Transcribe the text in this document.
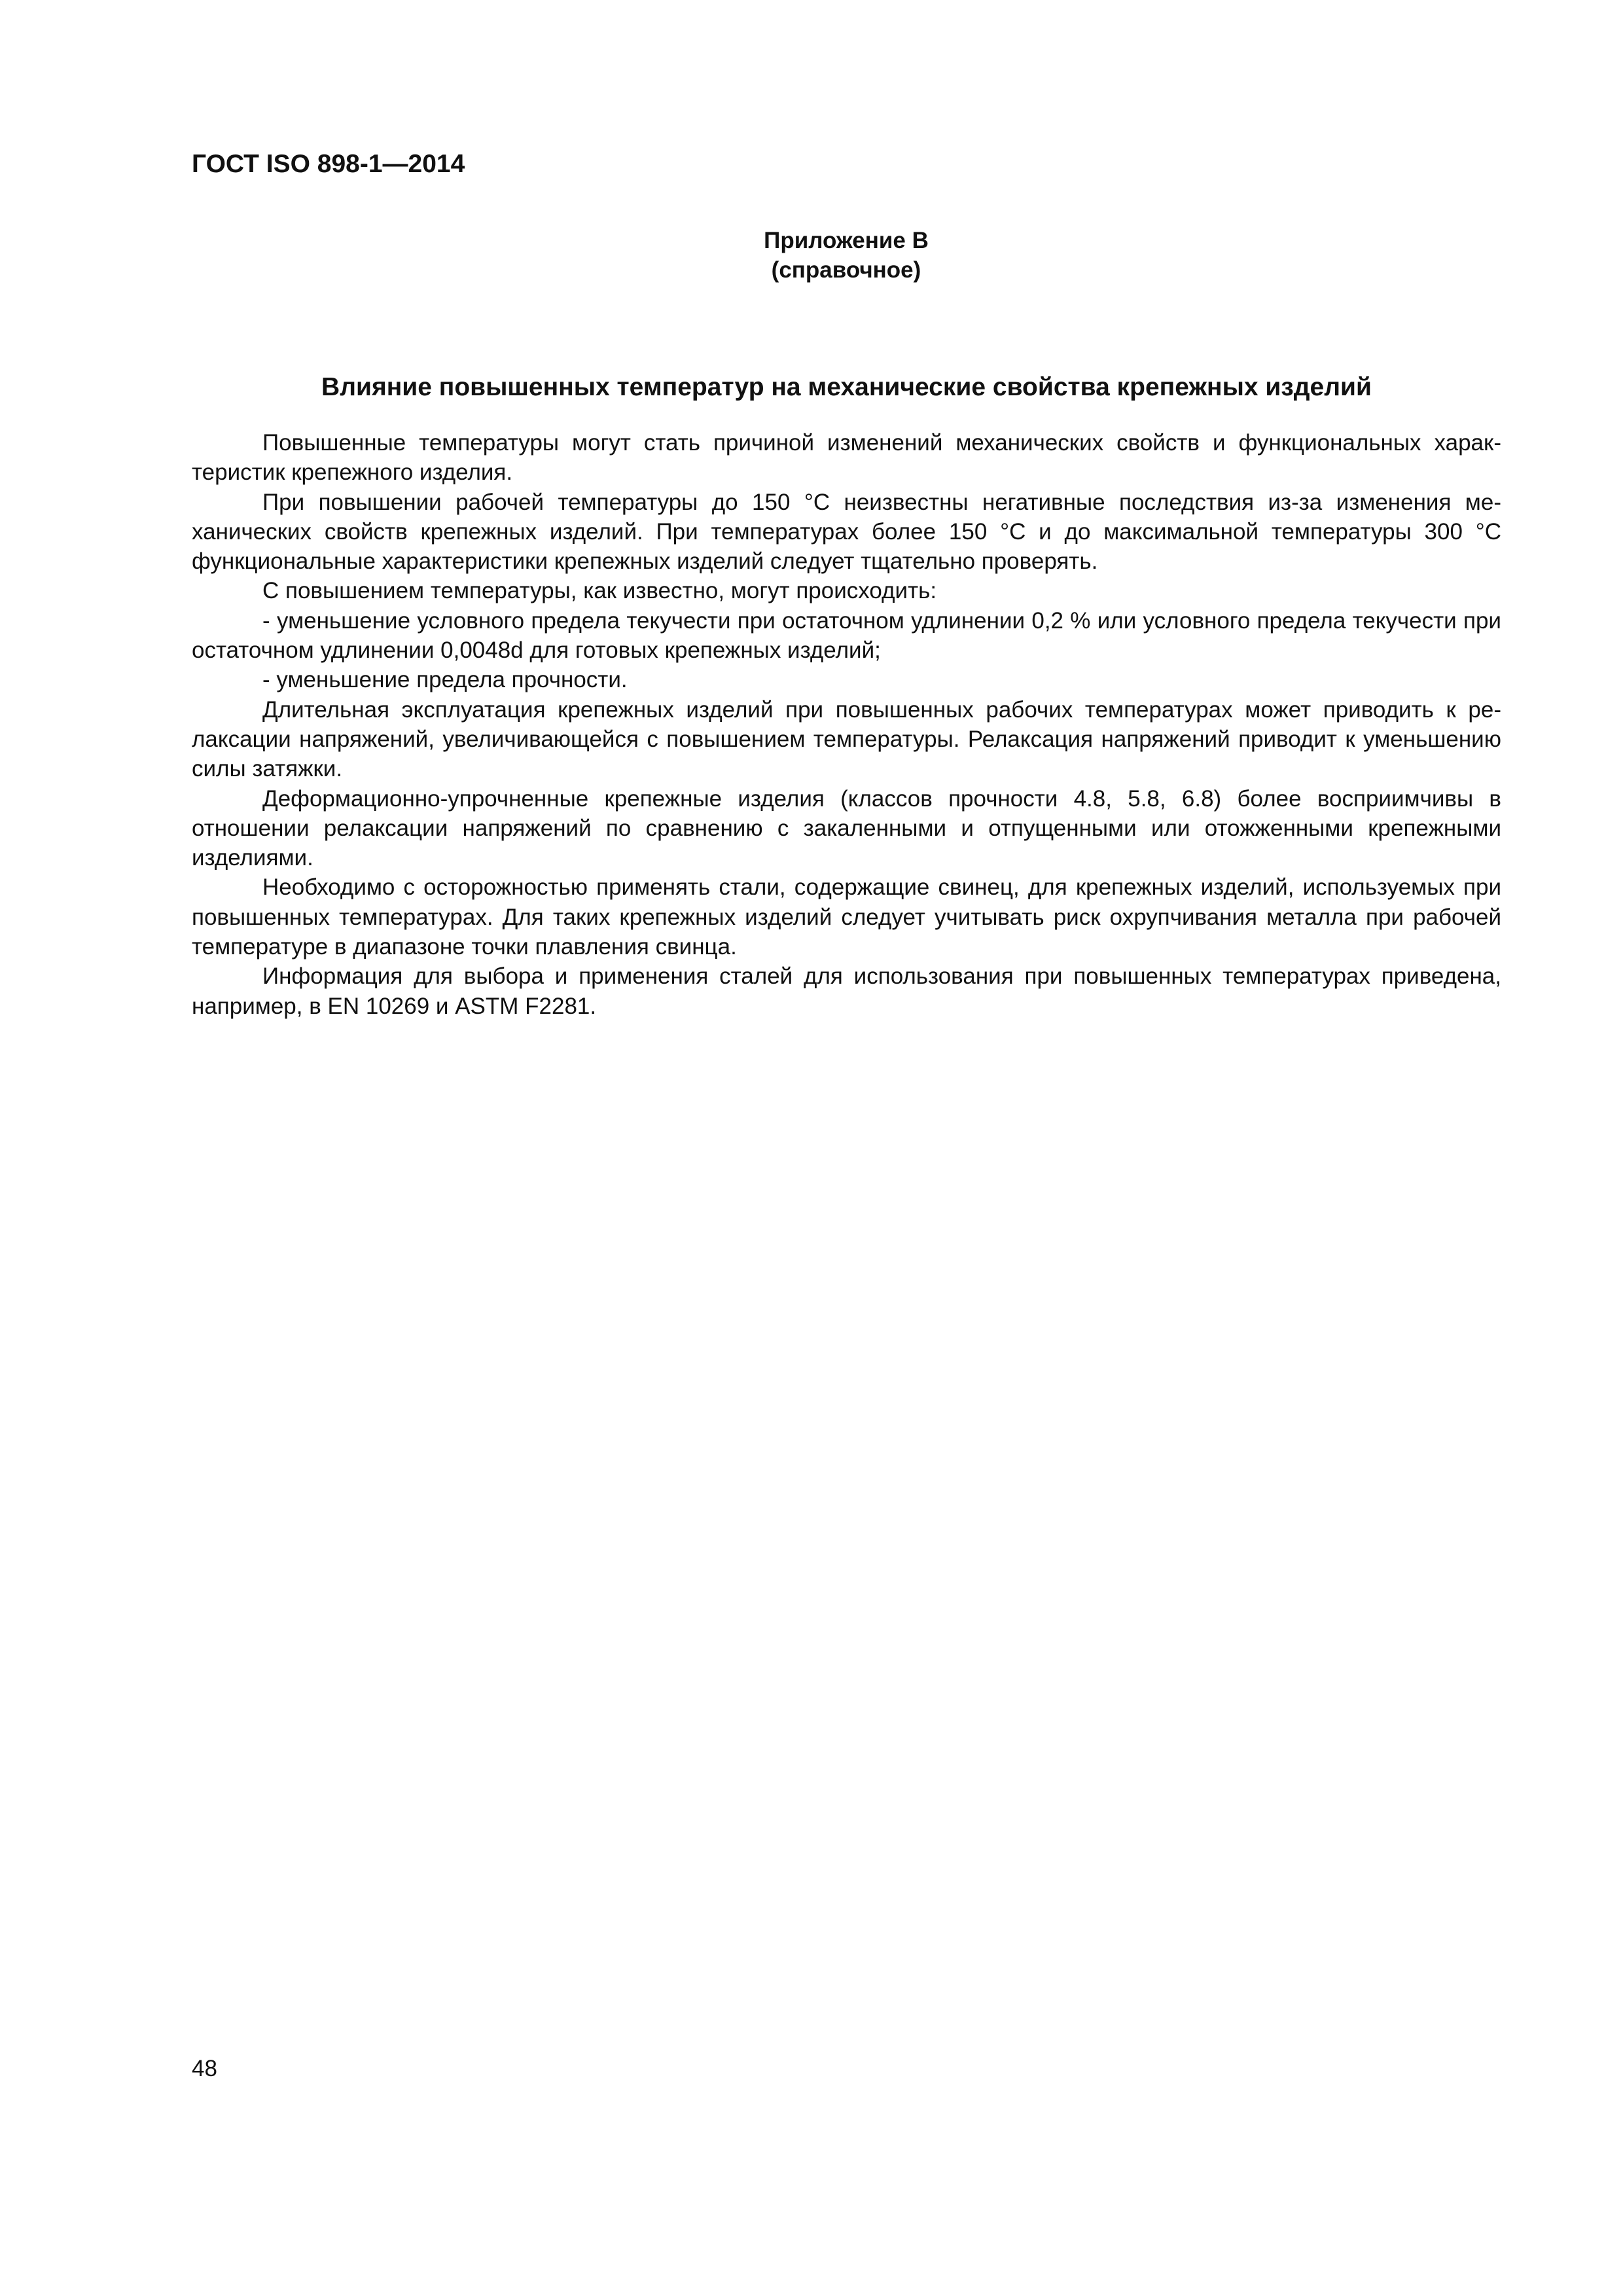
ГОСТ ISO 898-1—2014
Приложение В
(справочное)
Влияние повышенных температур на механические свойства крепежных изделий

Повышенные температуры могут стать причиной изменений механических свойств и функциональных характеристик крепежного изделия.

При повышении рабочей температуры до 150 °С неизвестны негативные последствия из-за изменения механических свойств крепежных изделий. При температурах более 150 °С и до максимальной температуры 300 °С функциональные характеристики крепежных изделий следует тщательно проверять.

С повышением температуры, как известно, могут происходить:

- уменьшение условного предела текучести при остаточном удлинении 0,2 % или условного предела текучести при остаточном удлинении 0,0048d для готовых крепежных изделий;

- уменьшение предела прочности.

Длительная эксплуатация крепежных изделий при повышенных рабочих температурах может приводить к релаксации напряжений, увеличивающейся с повышением температуры. Релаксация напряжений приводит к уменьшению силы затяжки.

Деформационно-упрочненные крепежные изделия (классов прочности 4.8, 5.8, 6.8) более восприимчивы в отношении релаксации напряжений по сравнению с закаленными и отпущенными или отожженными крепежными изделиями.

Необходимо с осторожностью применять стали, содержащие свинец, для крепежных изделий, используемых при повышенных температурах. Для таких крепежных изделий следует учитывать риск охрупчивания металла при рабочей температуре в диапазоне точки плавления свинца.

Информация для выбора и применения сталей для использования при повышенных температурах приведена, например, в EN 10269 и ASTM F2281.

48
